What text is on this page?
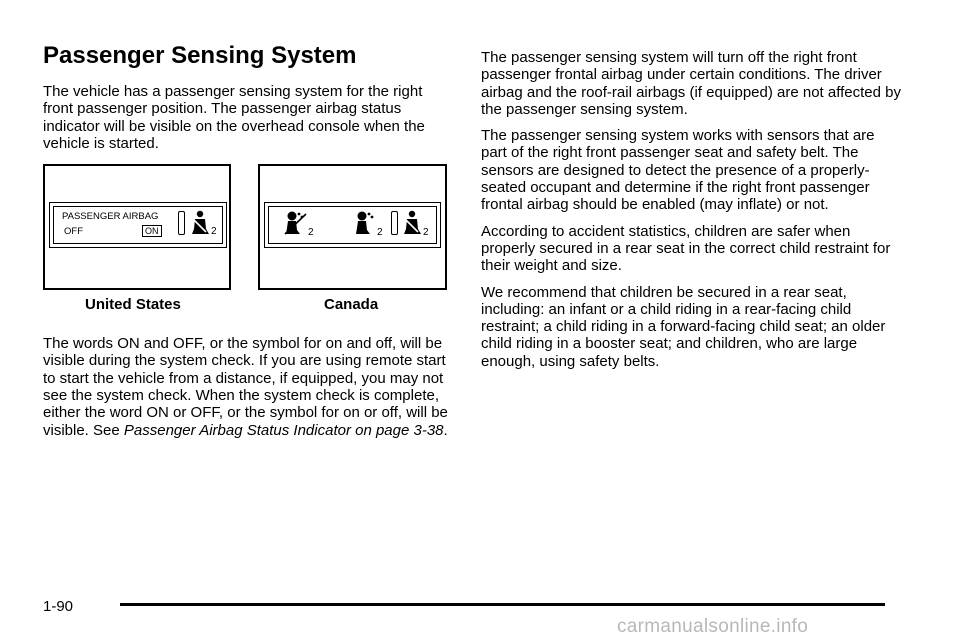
Passenger Sensing System

The vehicle has a passenger sensing system for the right front passenger position. The passenger airbag status indicator will be visible on the overhead console when the vehicle is started.

PASSENGER AIRBAG
OFF	ON	2	2	2	2
United States	Canada

The words ON and OFF, or the symbol for on and off, will be visible during the system check. If you are using remote start to start the vehicle from a distance, if equipped, you may not see the system check. When the system check is complete, either the word ON or OFF, or the symbol for on or off, will be visible. See Passenger Airbag Status Indicator on page 3-38.

The passenger sensing system will turn off the right front passenger frontal airbag under certain conditions. The driver airbag and the roof-rail airbags (if equipped) are not affected by the passenger sensing system.

The passenger sensing system works with sensors that are part of the right front passenger seat and safety belt. The sensors are designed to detect the presence of a properly-seated occupant and determine if the right front passenger frontal airbag should be enabled (may inflate) or not.

According to accident statistics, children are safer when properly secured in a rear seat in the correct child restraint for their weight and size.

We recommend that children be secured in a rear seat, including: an infant or a child riding in a rear-facing child restraint; a child riding in a forward-facing child seat; an older child riding in a booster seat; and children, who are large enough, using safety belts.

1-90
carmanualsonline.info
